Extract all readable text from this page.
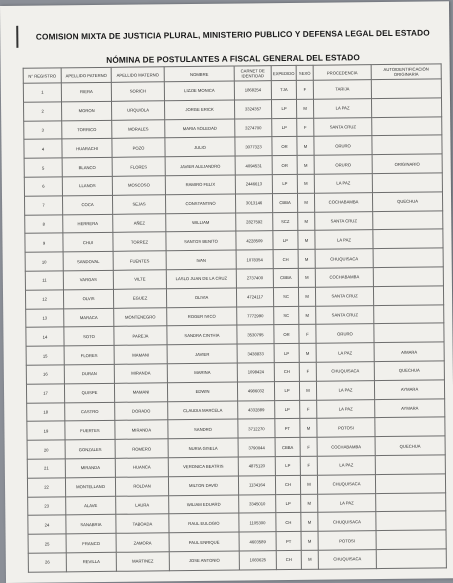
COMISION MIXTA DE JUSTICIA PLURAL, MINISTERIO PUBLICO Y DEFENSA LEGAL DEL ESTADO
NÓMINA DE POSTULANTES A FISCAL GENERAL DEL ESTADO
N° REGISTRO	APELLIDO PATERNO	APELLIDO MATERNO	NOMBRE	CARNET DE IDENTIDAD	EXPEDIDO	SEXO	PROCEDENCIA	AUTOIDENTIFICACIÓN ORIGINARIA
1	RIERA	SORICH	LIZZIE MONICA	1868254	TJA	F	TARIJA	
2	MORON	URQUIOLA	JORGE ERICK	3324357	LP	M	LA PAZ	
3	TORRICO	MORALES	MARIA SOLEDAD	3274700	LP	F	SANTA CRUZ	
4	HUARACHI	POZO	JULIO	3077323	OR	M	ORURO	
5	BLANCO	FLORES	JAVIER ALEJANDRO	4094531	OR	M	ORURO	ORIGINARIO
6	LLANOS	MOSCOSO	RAMIRO FELIX	2446613	LP	M	LA PAZ	
7	COCA	SEJAS	CONSTANTINO	3013146	CBBA	M	COCHABAMBA	QUECHUA
8	HERRERA	AÑEZ	WILLIAM	2827592	SCZ	M	SANTA CRUZ	
9	CHUI	TORREZ	SANTOS BENITO	4228509	LP	M	LA PAZ	
10	SANDOVAL	FUENTES	IVAN	1078354	CH	M	CHUQUISACA	
11	VARGAS	VILTE	LASLO JUAN DE LA CRUZ	2737400	CBBA	M	COCHABAMBA	
12	OLVIS	EGUEZ	OLIVIA	4724117	SC	M	SANTA CRUZ	
13	MARACA	MONTENEGRO	ROGER IVICO	7772990	SC	M	SANTA CRUZ	
14	SOTO	PAREJA	SANDRA CINTHIA	3530795	OR	F	ORURO	
15	FLORES	MAMANI	JAVIER	3438833	LP	M	LA PAZ	AIMARA
16	DURAN	MIRANDA	MARINA	1098424	CH	F	CHUQUISACA	QUECHUA
17	QUISPE	MAMANI	EDWIN	4986032	LP	M	LA PAZ	AYMARA
18	CASTRO	DORADO	CLAUDIA MARCELA	4332889	LP	F	LA PAZ	AYMARA
19	FUERTES	MIRANDA	SANDRO	3712270	PT	M	POTOSI	
20	GONZALES	ROMERO	NURIA GISELA	3790044	CBBA	F	COCHABAMBA	QUECHUA
21	MIRANDA	HUANCA	VERONICA BEATRIS	4875120	LP	F	LA PAZ	
22	MONTELLANO	ROLDAN	MILTON DAVID	1134164	CH	M	CHUQUISACA	
23	ALAVE	LAURA	WILIAM EDUARD	3345010	LP	M	LA PAZ	
24	SANABRIA	TABOADA	RAUL EULOGIO	1105300	CH	M	CHUQUISACA	
25	FRANCO	ZAMORA	PAUL ENRIQUE	4603589	PT	M	POTOSI	
26	REVILLA	MARTINEZ	JOSE ANTONIO	1083625	CH	M	CHUQUISACA	
